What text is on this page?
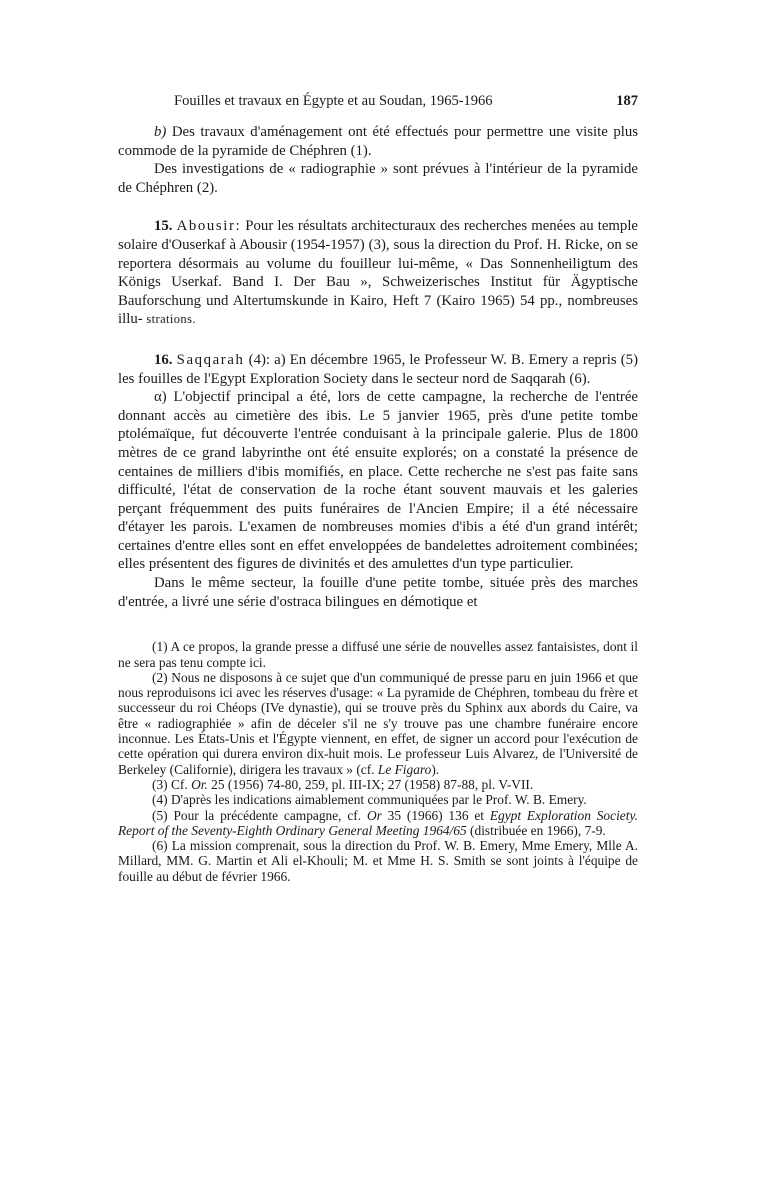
Fouilles et travaux en Égypte et au Soudan, 1965-1966	187

b) Des travaux d'aménagement ont été effectués pour permettre une visite plus commode de la pyramide de Chéphren (1).

Des investigations de « radiographie » sont prévues à l'intérieur de la pyramide de Chéphren (2).

15. Abousir: Pour les résultats architecturaux des recherches menées au temple solaire d'Ouserkaf à Abousir (1954-1957) (3), sous la direction du Prof. H. Ricke, on se reportera désormais au volume du fouilleur lui-même, « Das Sonnenheiligtum des Königs Userkaf. Band I. Der Bau », Schweizerisches Institut für Ägyptische Bauforschung und Altertumskunde in Kairo, Heft 7 (Kairo 1965) 54 pp., nombreuses illu- strations.

16. Saqqarah (4): a) En décembre 1965, le Professeur W. B. Emery a repris (5) les fouilles de l'Egypt Exploration Society dans le secteur nord de Saqqarah (6).

α) L'objectif principal a été, lors de cette campagne, la recherche de l'entrée donnant accès au cimetière des ibis. Le 5 janvier 1965, près d'une petite tombe ptolémaïque, fut découverte l'entrée conduisant à la principale galerie. Plus de 1800 mètres de ce grand labyrinthe ont été ensuite explorés; on a constaté la présence de centaines de milliers d'ibis momifiés, en place. Cette recherche ne s'est pas faite sans difficulté, l'état de conservation de la roche étant souvent mauvais et les galeries perçant fréquemment des puits funéraires de l'Ancien Empire; il a été nécessaire d'étayer les parois. L'examen de nombreuses momies d'ibis a été d'un grand intérêt; certaines d'entre elles sont en effet enveloppées de bandelettes adroitement combinées; elles présentent des figures de divinités et des amulettes d'un type particulier.

Dans le même secteur, la fouille d'une petite tombe, située près des marches d'entrée, a livré une série d'ostraca bilingues en démotique et

(1) A ce propos, la grande presse a diffusé une série de nouvelles assez fantaisistes, dont il ne sera pas tenu compte ici.

(2) Nous ne disposons à ce sujet que d'un communiqué de presse paru en juin 1966 et que nous reproduisons ici avec les réserves d'usage: « La pyramide de Chéphren, tombeau du frère et successeur du roi Chéops (IVe dynastie), qui se trouve près du Sphinx aux abords du Caire, va être « radiographiée » afin de déceler s'il ne s'y trouve pas une chambre funéraire encore inconnue. Les États-Unis et l'Égypte viennent, en effet, de signer un accord pour l'exécution de cette opération qui durera environ dix-huit mois. Le professeur Luis Alvarez, de l'Université de Berkeley (Californie), dirigera les travaux » (cf. Le Figaro).

(3) Cf. Or. 25 (1956) 74-80, 259, pl. III-IX; 27 (1958) 87-88, pl. V-VII.

(4) D'après les indications aimablement communiquées par le Prof. W. B. Emery.

(5) Pour la précédente campagne, cf. Or 35 (1966) 136 et Egypt Exploration Society. Report of the Seventy-Eighth Ordinary General Meeting 1964/65 (distribuée en 1966), 7-9.

(6) La mission comprenait, sous la direction du Prof. W. B. Emery, Mme Emery, Mlle A. Millard, MM. G. Martin et Ali el-Khouli; M. et Mme H. S. Smith se sont joints à l'équipe de fouille au début de février 1966.
